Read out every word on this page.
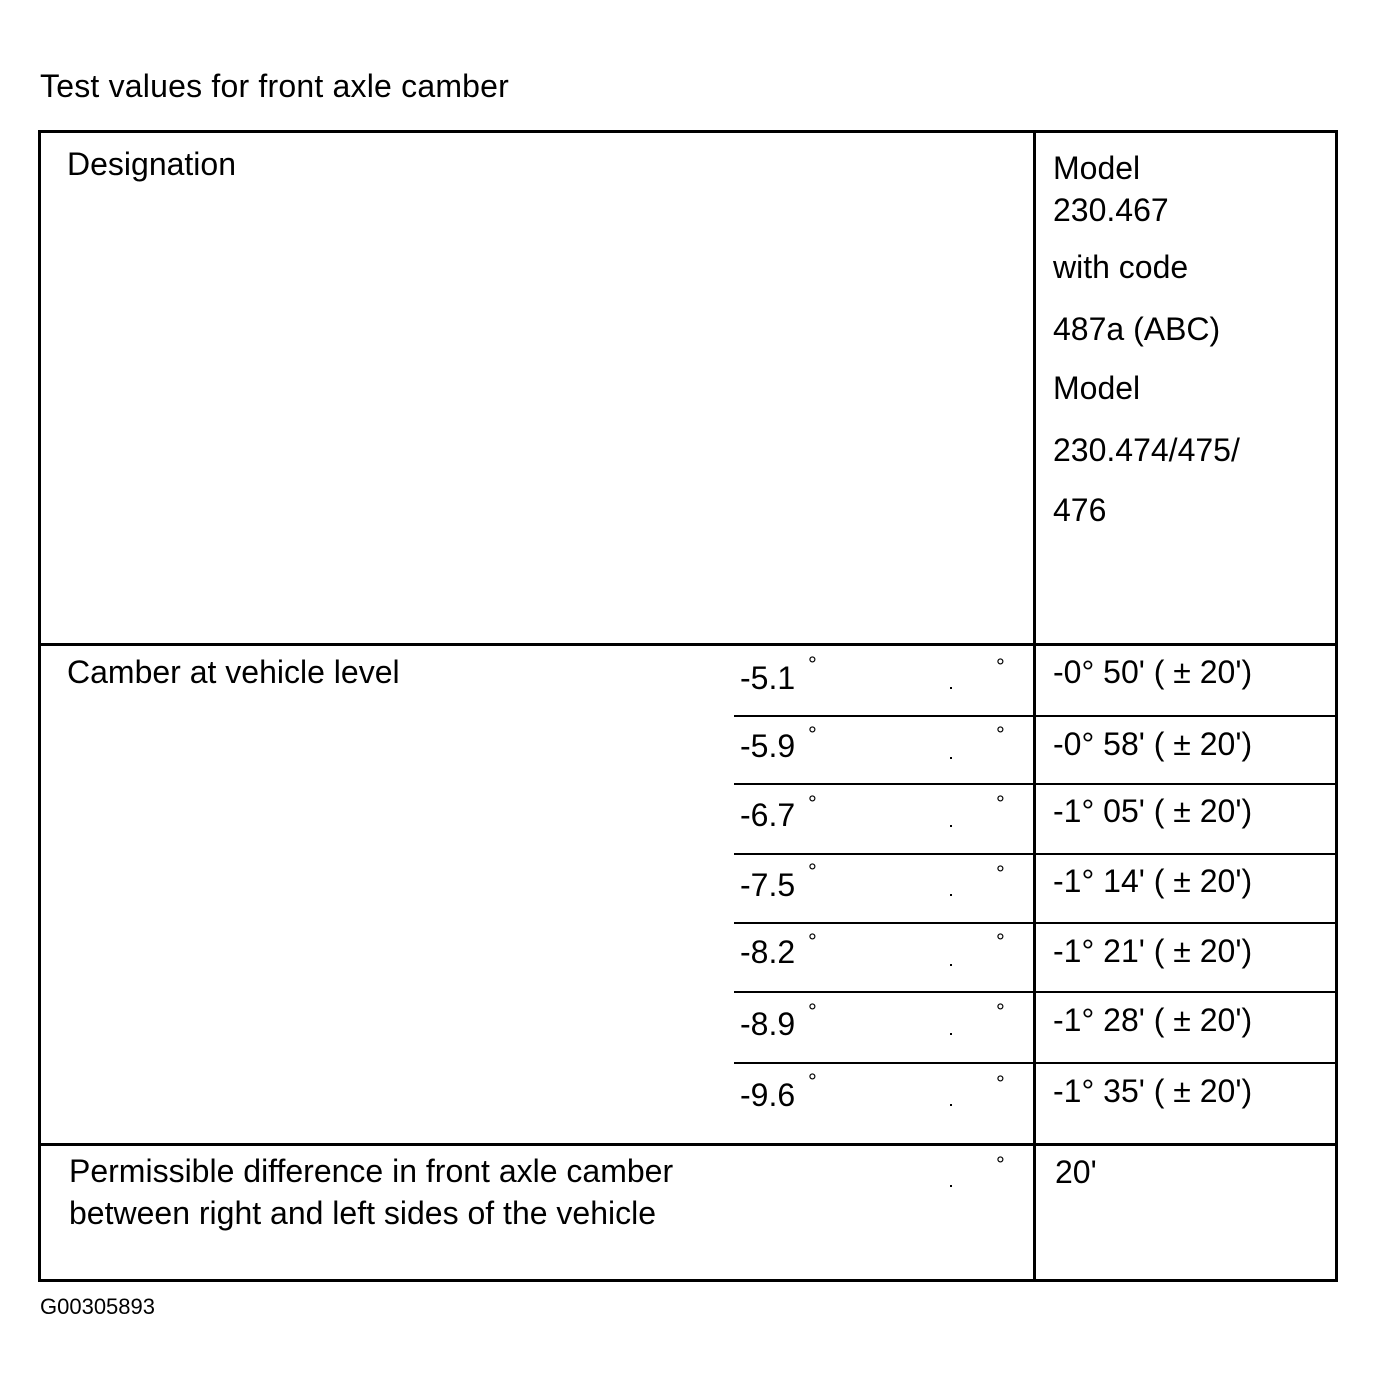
Test values for front axle camber
Designation	Model
230.467
with code
487a (ABC)
Model
230.474/475/
476
Camber at vehicle level	-5.1 °	° -0° 50' ( ± 20')
-5.9 °	° -0° 58' ( ± 20')
-6.7 °	° -1° 05' ( ± 20')
-7.5 °	° -1° 14' ( ± 20')
-8.2 °	° -1° 21' ( ± 20')
-8.9 °	° -1° 28' ( ± 20')
-9.6 °	° -1° 35' ( ± 20')
Permissible difference in front axle camber
between right and left sides of the vehicle
° 20'
G00305893
